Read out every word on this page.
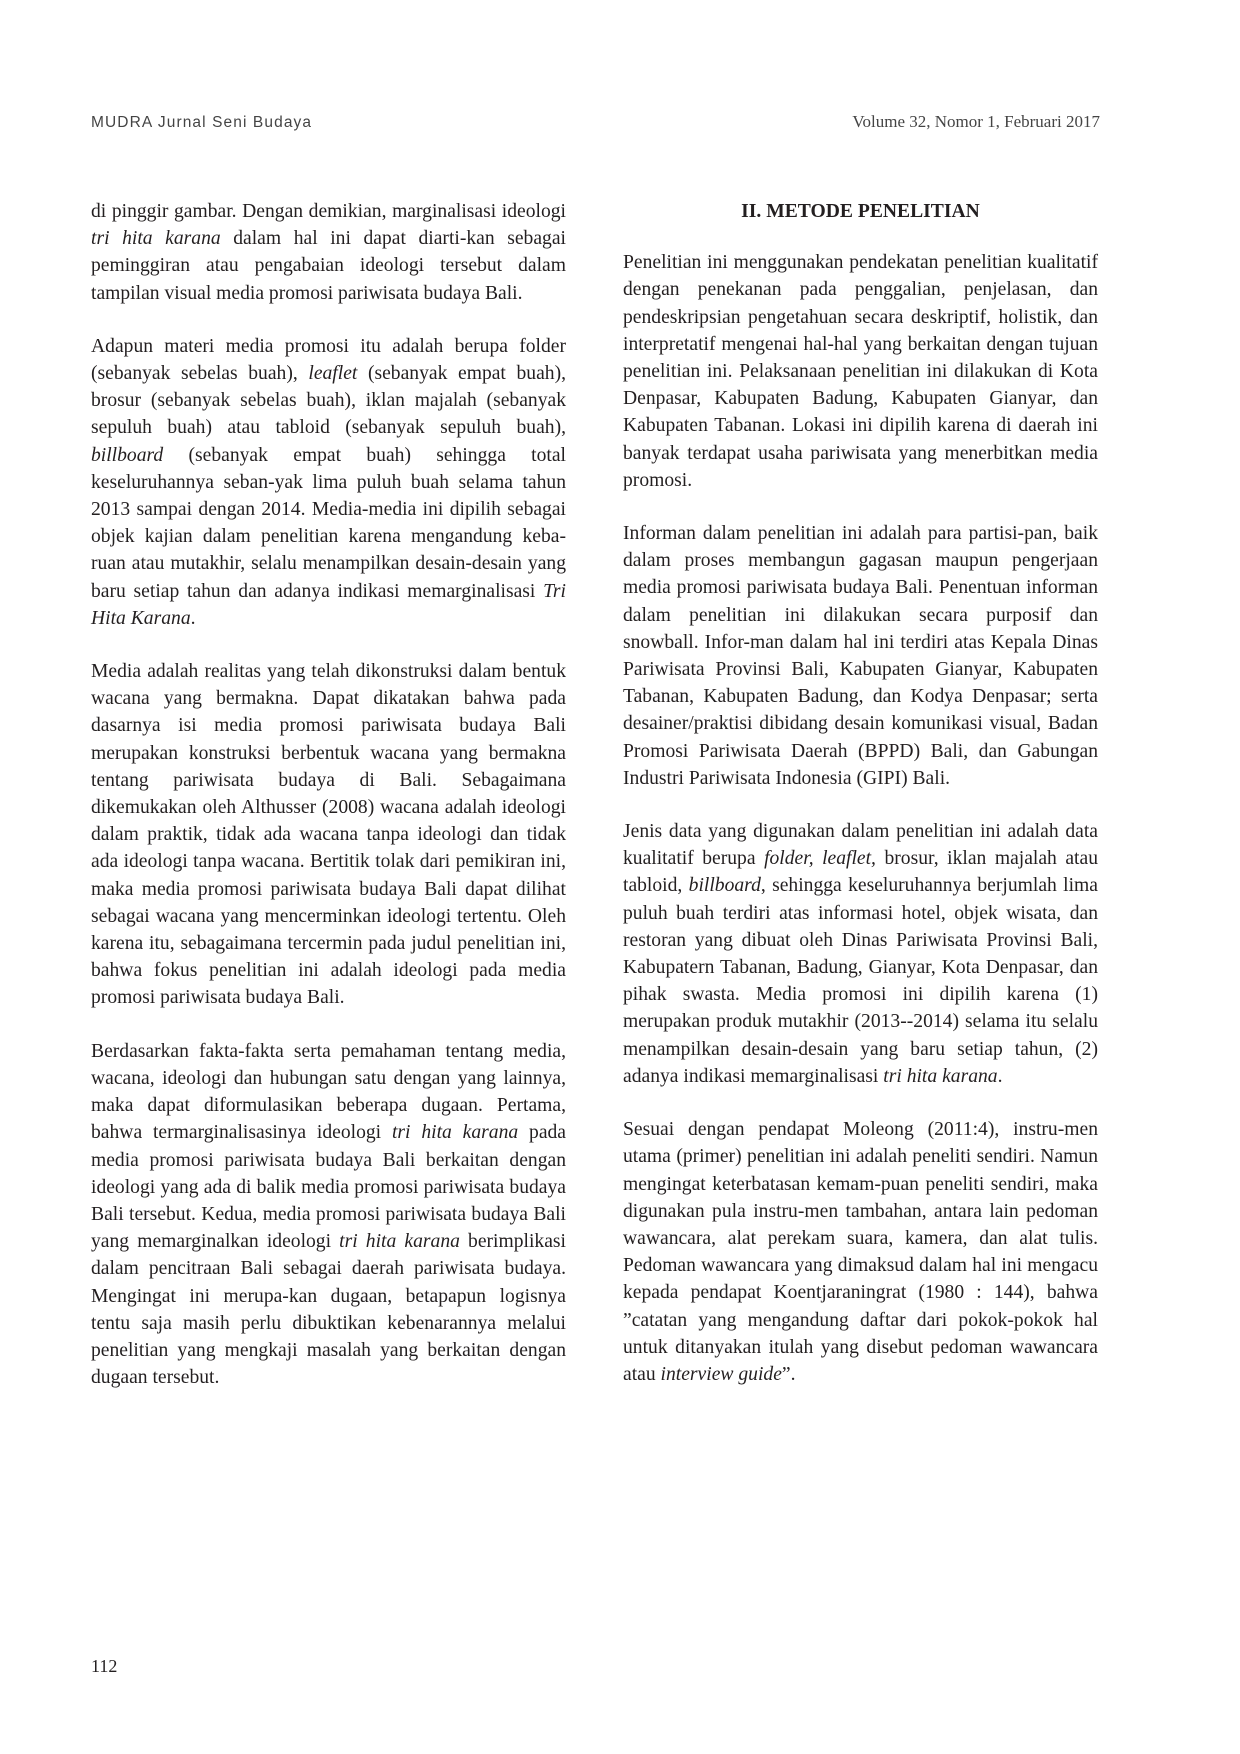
MUDRA Jurnal Seni Budaya	Volume 32, Nomor 1, Februari 2017

di pinggir gambar. Dengan demikian, marginalisasi ideologi tri hita karana dalam hal ini dapat diarti-kan sebagai peminggiran atau pengabaian ideologi tersebut dalam tampilan visual media promosi pariwisata budaya Bali.

Adapun materi media promosi itu adalah berupa folder (sebanyak sebelas buah), leaflet (sebanyak empat buah), brosur (sebanyak sebelas buah), iklan majalah (sebanyak sepuluh buah) atau tabloid (sebanyak sepuluh buah), billboard (sebanyak empat buah) sehingga total keseluruhannya seban-yak lima puluh buah selama tahun 2013 sampai dengan 2014. Media-media ini dipilih sebagai objek kajian dalam penelitian karena mengandung keba-ruan atau mutakhir, selalu menampilkan desain-desain yang baru setiap tahun dan adanya indikasi memarginalisasi Tri Hita Karana.

Media adalah realitas yang telah dikonstruksi dalam bentuk wacana yang bermakna. Dapat dikatakan bahwa pada dasarnya isi media promosi pariwisata budaya Bali merupakan konstruksi berbentuk wacana yang bermakna tentang pariwisata budaya di Bali. Sebagaimana dikemukakan oleh Althusser (2008) wacana adalah ideologi dalam praktik, tidak ada wacana tanpa ideologi dan tidak ada ideologi tanpa wacana. Bertitik tolak dari pemikiran ini, maka media promosi pariwisata budaya Bali dapat dilihat sebagai wacana yang mencerminkan ideologi tertentu. Oleh karena itu, sebagaimana tercermin pada judul penelitian ini, bahwa fokus penelitian ini adalah ideologi pada media promosi pariwisata budaya Bali.

Berdasarkan fakta-fakta serta pemahaman tentang media, wacana, ideologi dan hubungan satu dengan yang lainnya, maka dapat diformulasikan beberapa dugaan. Pertama, bahwa termarginalisasinya ideologi tri hita karana pada media promosi pariwisata budaya Bali berkaitan dengan ideologi yang ada di balik media promosi pariwisata budaya Bali tersebut. Kedua, media promosi pariwisata budaya Bali yang memarginalkan ideologi tri hita karana berimplikasi dalam pencitraan Bali sebagai daerah pariwisata budaya. Mengingat ini merupa-kan dugaan, betapapun logisnya tentu saja masih perlu dibuktikan kebenarannya melalui penelitian yang mengkaji masalah yang berkaitan dengan dugaan tersebut.

II. METODE PENELITIAN

Penelitian ini menggunakan pendekatan penelitian kualitatif dengan penekanan pada penggalian, penjelasan, dan pendeskripsian pengetahuan secara deskriptif, holistik, dan interpretatif mengenai hal-hal yang berkaitan dengan tujuan penelitian ini. Pelaksanaan penelitian ini dilakukan di Kota Denpasar, Kabupaten Badung, Kabupaten Gianyar, dan Kabupaten Tabanan. Lokasi ini dipilih karena di daerah ini banyak terdapat usaha pariwisata yang menerbitkan media promosi.

Informan dalam penelitian ini adalah para partisi-pan, baik dalam proses membangun gagasan maupun pengerjaan media promosi pariwisata budaya Bali. Penentuan informan dalam penelitian ini dilakukan secara purposif dan snowball. Infor-man dalam hal ini terdiri atas Kepala Dinas Pariwisata Provinsi Bali, Kabupaten Gianyar, Kabupaten Tabanan, Kabupaten Badung, dan Kodya Denpasar; serta desainer/praktisi dibidang desain komunikasi visual, Badan Promosi Pariwisata Daerah (BPPD) Bali, dan Gabungan Industri Pariwisata Indonesia (GIPI) Bali.

Jenis data yang digunakan dalam penelitian ini adalah data kualitatif berupa folder, leaflet, brosur, iklan majalah atau tabloid, billboard, sehingga keseluruhannya berjumlah lima puluh buah terdiri atas informasi hotel, objek wisata, dan restoran yang dibuat oleh Dinas Pariwisata Provinsi Bali, Kabupatern Tabanan, Badung, Gianyar, Kota Denpasar, dan pihak swasta. Media promosi ini dipilih karena (1) merupakan produk mutakhir (2013--2014) selama itu selalu menampilkan desain-desain yang baru setiap tahun, (2) adanya indikasi memarginalisasi tri hita karana.

Sesuai dengan pendapat Moleong (2011:4), instru-men utama (primer) penelitian ini adalah peneliti sendiri. Namun mengingat keterbatasan kemam-puan peneliti sendiri, maka digunakan pula instru-men tambahan, antara lain pedoman wawancara, alat perekam suara, kamera, dan alat tulis. Pedoman wawancara yang dimaksud dalam hal ini mengacu kepada pendapat Koentjaraningrat (1980 : 144), bahwa ”catatan yang mengandung daftar dari pokok-pokok hal untuk ditanyakan itulah yang disebut pedoman wawancara atau interview guide”.

112
